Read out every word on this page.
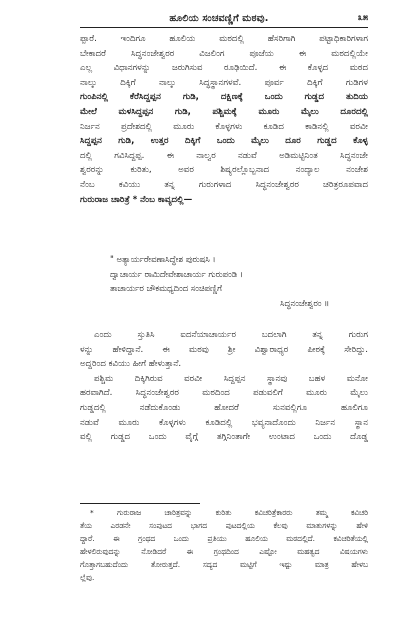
ಹೂಲಿಯ ಸಂಚವಣ್ಣಿಗೆ ಮಠವು.	೩೫
ಪ್ಪಾರೆ. ಇಂದಿಗೂ ಹೂಲಿಯ ಮಠದಲ್ಲಿ ಹೆಸರಿಗಾಗಿ ಪಟ್ಟಾಧಿಕಾರಿಗಳಾಗ
ಬೇಕಾದರೆ ಸಿದ್ಧನಂಜೇಶ್ವರರ ವಿಜಲಿಂಗ ಪೂಜೆಯ ಈ ಮಠದಲ್ಲಿಯೇ
ಎಲ್ಲ ವಿಧಾನಗಳನ್ನು ಜರುಗಿಸುವ ರೂಢಿಯಿದೆ. ಈ ಕೊಳ್ಳದ ಮಠದ
ನಾಲ್ಕು ದಿಕ್ಕಿಗೆ ನಾಲ್ಕು ಸಿದ್ಧಸ್ಥಾನಗಳವೆ. ಪೂರ್ವ ದಿಕ್ಕಿಗೆ ಗುಡಿಗಳ
ಗುಂಪಿನಲ್ಲಿ ಕೆರೆಸಿದ್ದಪ್ಪನ ಗುಡಿ, ದಕ್ಷಿಣಕ್ಕೆ ಒಂದು ಗುಡ್ಡದ ತುದಿಯ
ಮೇಲೆ ಮಳಸಿದ್ದಪ್ಪನ ಗುಡಿ, ಪಶ್ಚಿಮಕ್ಕೆ ಮೂರು ಮೈಲು ದೂರದಲ್ಲಿ
ನಿರ್ಜನ ಪ್ರದೇಶದಲ್ಲಿ ಮೂರು ಕೊಳ್ಳಗಳು ಕೂಡಿದ ಕಾಡಿನಲ್ಲಿ ವರವೀ
ಸಿದ್ದಪ್ಪನ ಗುಡಿ, ಉತ್ತರ ದಿಕ್ಕಿಗೆ ಒಂದು ಮೈಲು ದೂರ ಗುಡ್ಡದ ಕೊಳ್ಳ
ದಲ್ಲಿ ಗವಿಸಿದ್ದಪ್ಪ. ಈ ನಾಲ್ವರ ನಡುವೆ ಅಡಿಮಟ್ಟಿನಿಂತ ಸಿದ್ಧನಂಜೇ
ಶ್ವರರನ್ನು ಕುರಿತು, ಅವರ ಶಿಷ್ಯರಲ್ಲೊಬ್ಬನಾದ ನಂದ್ಯಾಲ ನಂಜೇಶ
ನೆಂಬ ಕವಿಯು ತನ್ನ ಗುರುಗಳಾದ ಸಿದ್ಧನಂಜೇಶ್ವರರ ಚರಿತ್ರರೂಪವಾದ
ಗುರುರಾಜ ಚಾರಿತ್ರೆ * ನೆಂಬ ಕಾವ್ಯದಲ್ಲಿ—
" ಅತ್ಯಾರ್ಯರೇವಣಾಸಿದ್ಧೇಶ ಪುರುಷಸಿ ।
ದ್ವಾಚಾರ್ಯ ರಾಮಿದೇವೇಶಾಚಾರ್ಯ ಗುರುಪಂಡಿ ।
ತಾಚಾರ್ಯರ ಚೌಕಮಧ್ಯದಿಂದ ಸಂಚಿಪಣ್ಣಿಗೆ
ಸಿದ್ಧನಂಜೇಶ್ವರಂ ॥
ಎಂದು ಸ್ತುತಿಸಿ ಐದನೆಯಾಚಾರ್ಯರ ಬದಲಾಗಿ ತನ್ನ ಗುರುಗ
ಳನ್ನು ಹೇಳಿದ್ದಾನೆ. ಈ ಮಠವು ಶ್ರೀ ವಿಶ್ವಾರಾಧ್ಯರ ಪೀಠಕ್ಕೆ ಸೇರಿದ್ದು.
ಅದ್ದರಿಂದ ಕವಿಯು ಹೀಗೆ ಹೇಳುತ್ತಾನೆ.
ಪಶ್ಚಿಮ ದಿಕ್ಕಿಗಿರುವ ವರವೀ ಸಿದ್ದಪ್ಪನ ಸ್ಥಾನವು ಬಹಳ ಮನೋ
ಹರವಾಗಿದೆ. ಸಿದ್ಧನಂಜೇಶ್ವರರ ಮಠದಿಂದ ಪಡುವಲಿಗೆ ಮೂರು ಮೈಲು
ಗುಡ್ಡದಲ್ಲಿ ನಡೆದುಕೊಂಡು ಹೋದರೆ ಸುನವಲ್ಲಿಗೂ ಹೂಲಿಗೂ
ನಡುವೆ ಮೂರು ಕೊಳ್ಳಗಳು ಕೂಡಿದಲ್ಲಿ ಭವ್ಯನಾದೊಂದು ನಿರ್ಜನ ಸ್ಥಾನ
ವಲ್ಲಿ ಗುಡ್ಡದ ಒಂದು ವೈಗ್ಗೆ ತಗ್ಗಿನಿಂತಾಗೇ ಉಂಟಾದ ಒಂದು ದೊಡ್ಡ
* ಗುರುರಾಜ ಚಾರಿತ್ರವನ್ನು ಕುರಿತು ಕವಿಚರಿತ್ರೆಕಾರರು ತಮ್ಮ ಕವಿಚರಿ
ತೆಯ ಎರಡನೇ ಸಂಪುಟದ ಭಾಗದ ಪುಟದಲ್ಲಿಯ ಕೆಲವು ಮಾತುಗಳನ್ನು ಹೇಳಿ
ದ್ದಾರೆ. ಈ ಗ್ರಂಥದ ಒಂದು ಪ್ರತಿಯು ಹೂಲಿಯ ಮಠದಲ್ಲಿದೆ. ಕವಿಚರಿತೆಯಲ್ಲಿ
ಹೇಳಲಿರುವುದನ್ನು ನೋಡಿದರೆ ಈ ಗ್ರಂಥದಿಂದ ಎಷ್ಟೋ ಮಹತ್ವದ ವಿಷಯಗಳು
ಗೊತ್ತಾಗಬಹುದೆಂದು ತೋರುತ್ತದೆ. ಸದ್ಯದ ಮಟ್ಟಿಗೆ ಇಷ್ಟು ಮಾತ್ರ ಹೇಳಬ
ಲ್ಲೆವು.
